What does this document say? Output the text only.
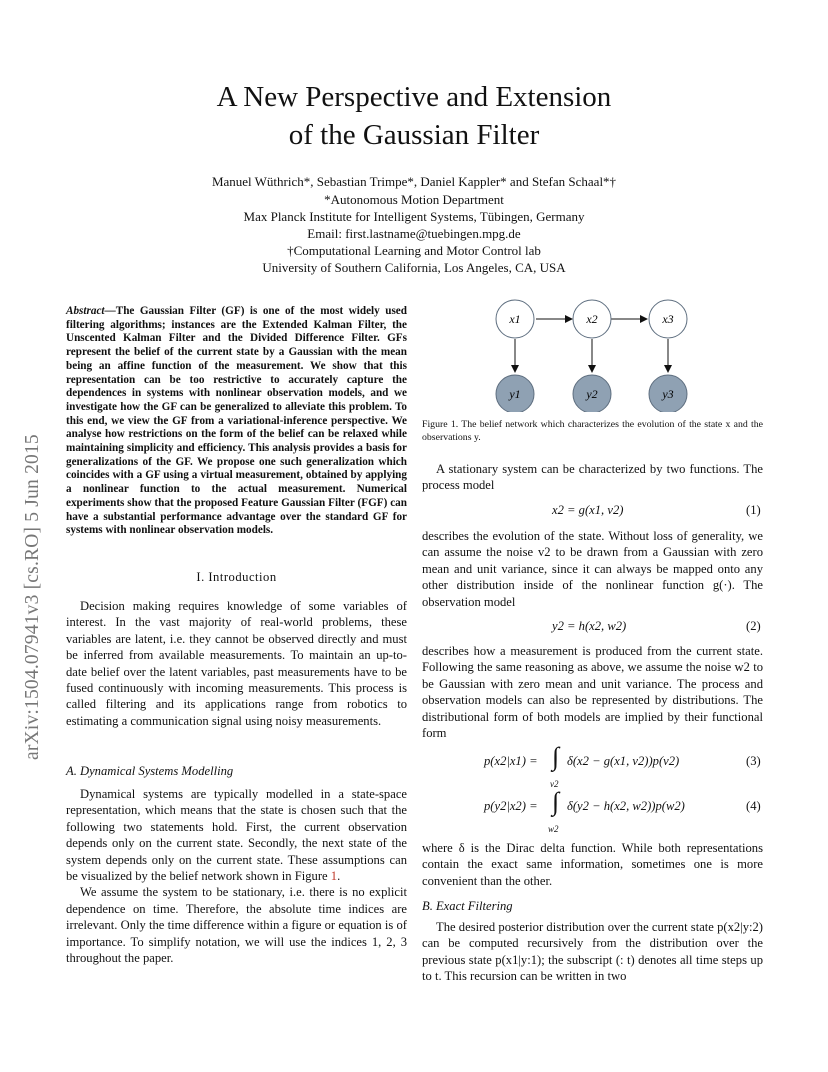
A New Perspective and Extension
of the Gaussian Filter
Manuel Wüthrich*, Sebastian Trimpe*, Daniel Kappler* and Stefan Schaal*†
*Autonomous Motion Department
Max Planck Institute for Intelligent Systems, Tübingen, Germany
Email: first.lastname@tuebingen.mpg.de
†Computational Learning and Motor Control lab
University of Southern California, Los Angeles, CA, USA
arXiv:1504.07941v3 [cs.RO] 5 Jun 2015
Abstract—The Gaussian Filter (GF) is one of the most widely used filtering algorithms; instances are the Extended Kalman Filter, the Unscented Kalman Filter and the Divided Difference Filter. GFs represent the belief of the current state by a Gaussian with the mean being an affine function of the measurement. We show that this representation can be too restrictive to accurately capture the dependences in systems with nonlinear observation models, and we investigate how the GF can be generalized to alleviate this problem. To this end, we view the GF from a variational-inference perspective. We analyse how restrictions on the form of the belief can be relaxed while maintaining simplicity and efficiency. This analysis provides a basis for generalizations of the GF. We propose one such generalization which coincides with a GF using a virtual measurement, obtained by applying a nonlinear function to the actual measurement. Numerical experiments show that the proposed Feature Gaussian Filter (FGF) can have a substantial performance advantage over the standard GF for systems with nonlinear observation models.
I. Introduction

Decision making requires knowledge of some variables of interest. In the vast majority of real-world problems, these variables are latent, i.e. they cannot be observed directly and must be inferred from available measurements. To maintain an up-to-date belief over the latent variables, past measurements have to be fused continuously with incoming measurements. This process is called filtering and its applications range from robotics to estimating a communication signal using noisy measurements.

A. Dynamical Systems Modelling

Dynamical systems are typically modelled in a state-space representation, which means that the state is chosen such that the following two statements hold. First, the current observation depends only on the current state. Secondly, the next state of the system depends only on the current state. These assumptions can be visualized by the belief network shown in Figure 1.

We assume the system to be stationary, i.e. there is no explicit dependence on time. Therefore, the absolute time indices are irrelevant. Only the time difference within a figure or equation is of importance. To simplify notation, we will use the indices 1, 2, 3 throughout the paper.

x1	x2	x3
y1	y2	y3
Figure 1. The belief network which characterizes the evolution of the state x and the observations y.

A stationary system can be characterized by two functions. The process model

x2 = g(x1, v2)	(1)

describes the evolution of the state. Without loss of generality, we can assume the noise v2 to be drawn from a Gaussian with zero mean and unit variance, since it can always be mapped onto any other distribution inside of the nonlinear function g(·). The observation model

y2 = h(x2, w2)	(2)

describes how a measurement is produced from the current state. Following the same reasoning as above, we assume the noise w2 to be Gaussian with zero mean and unit variance. The process and observation models can also be represented by distributions. The distributional form of both models are implied by their functional form

p(x2|x1) = ∫ δ(x2 − g(x1, v2))p(v2)
v2
(3)
p(y2|x2) = ∫ δ(y2 − h(x2, w2))p(w2)
w2
(4)

where δ is the Dirac delta function. While both representations contain the exact same information, sometimes one is more convenient than the other.

B. Exact Filtering

The desired posterior distribution over the current state p(x2|y:2) can be computed recursively from the distribution over the previous state p(x1|y:1); the subscript (: t) denotes all time steps up to t. This recursion can be written in two
